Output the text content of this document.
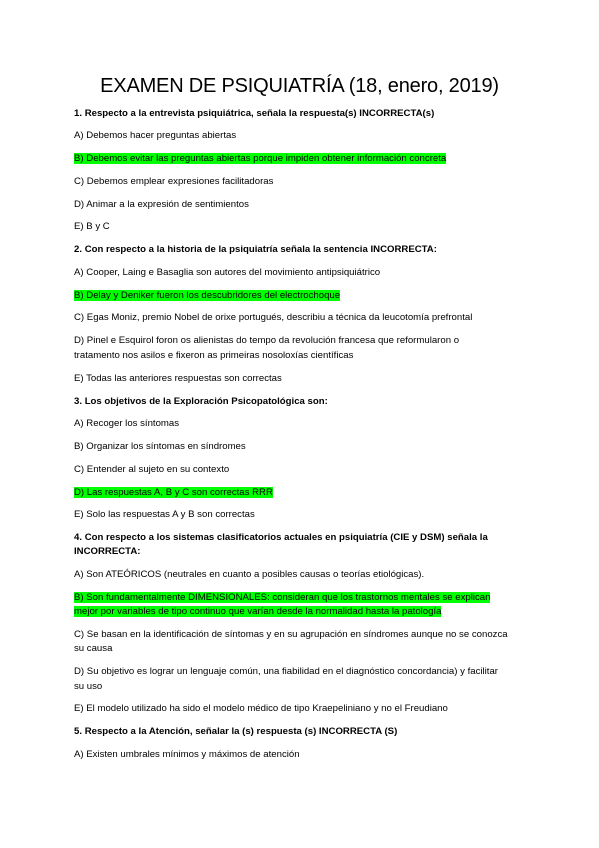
EXAMEN DE PSIQUIATRÍA (18, enero, 2019)
1. Respecto a la entrevista psiquiátrica, señala la respuesta(s) INCORRECTA(s)
A) Debemos hacer preguntas abiertas
B) Debemos evitar las preguntas abiertas porque impiden obtener información concreta
C) Debemos emplear expresiones facilitadoras
D) Animar a la expresión de sentimientos
E) B y C
2. Con respecto a la historia de la psiquiatría señala la sentencia INCORRECTA:
A) Cooper, Laing e Basaglia son autores del movimiento antipsiquiátrico
B) Delay y Deniker fueron los descubridores del electrochoque
C) Egas Moniz, premio Nobel de orixe portugués, describiu a técnica da leucotomía prefrontal
D) Pinel e Esquirol foron os alienistas do tempo da revolución francesa que reformularon o
tratamento nos asilos e fixeron as primeiras nosoloxías científicas
E) Todas las anteriores respuestas son correctas
3. Los objetivos de la Exploración Psicopatológica son:
A) Recoger los síntomas
B) Organizar los síntomas en síndromes
C) Entender al sujeto en su contexto
D) Las respuestas A, B y C son correctas RRR
E) Solo las respuestas A y B son correctas
4. Con respecto a los sistemas clasificatorios actuales en psiquiatría (CIE y DSM) señala la
INCORRECTA:
A) Son ATEÓRICOS (neutrales en cuanto a posibles causas o teorías etiológicas).
B) Son fundamentalmente DIMENSIONALES: consideran que los trastornos mentales se explican
mejor por variables de tipo continuo que varían desde la normalidad hasta la patología
C) Se basan en la identificación de síntomas y en su agrupación en síndromes aunque no se conozca
su causa
D) Su objetivo es lograr un lenguaje común, una fiabilidad en el diagnóstico concordancia) y facilitar
su uso
E) El modelo utilizado ha sido el modelo médico de tipo Kraepeliniano y no el Freudiano
5. Respecto a la Atención, señalar la (s) respuesta (s) INCORRECTA (S)
A) Existen umbrales mínimos y máximos de atención
